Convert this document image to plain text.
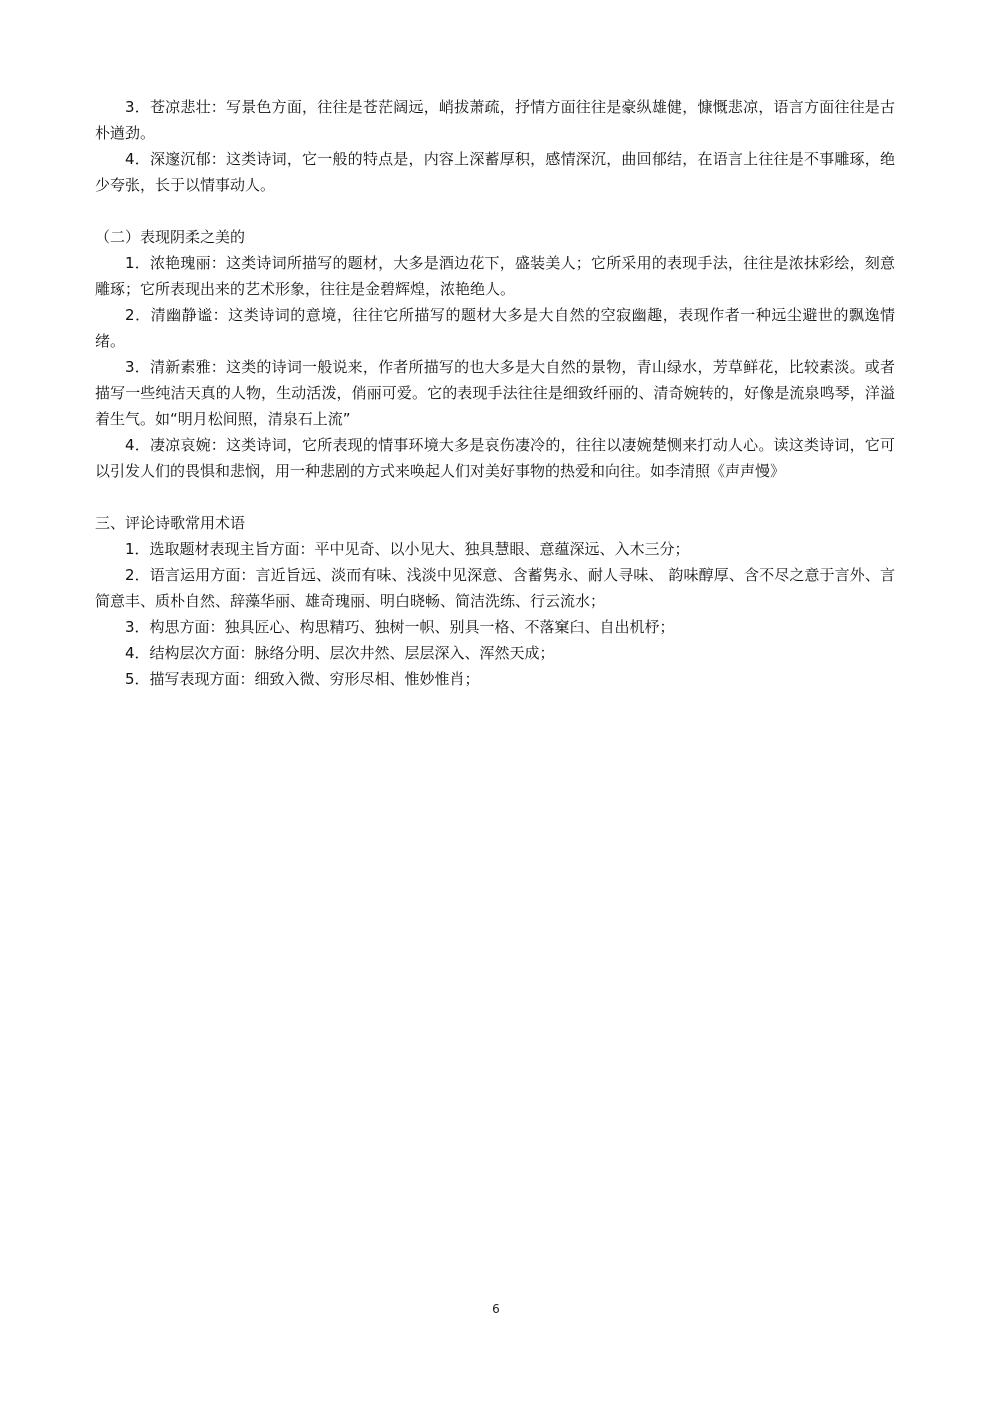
3．苍凉悲壮：写景色方面，往往是苍茫阔远，峭拔萧疏，抒情方面往往是豪纵雄健，慷慨悲凉，语言方面往往是古朴遒劲。

4．深邃沉郁：这类诗词，它一般的特点是，内容上深蓄厚积，感情深沉，曲回郁结，在语言上往往是不事雕琢，绝少夸张，长于以情事动人。

（二）表现阴柔之美的

1．浓艳瑰丽：这类诗词所描写的题材，大多是酒边花下，盛装美人；它所采用的表现手法，往往是浓抹彩绘，刻意雕琢；它所表现出来的艺术形象，往往是金碧辉煌，浓艳绝人。

2．清幽静谧：这类诗词的意境，往往它所描写的题材大多是大自然的空寂幽趣，表现作者一种远尘避世的飘逸情绪。

3．清新素雅：这类的诗词一般说来，作者所描写的也大多是大自然的景物，青山绿水，芳草鲜花，比较素淡。或者描写一些纯洁天真的人物，生动活泼，俏丽可爱。它的表现手法往往是细致纤丽的、清奇婉转的，好像是流泉鸣琴，洋溢着生气。如“明月松间照，清泉石上流”

4．凄凉哀婉：这类诗词，它所表现的情事环境大多是哀伤凄冷的，往往以凄婉楚恻来打动人心。读这类诗词，它可以引发人们的畏惧和悲悯，用一种悲剧的方式来唤起人们对美好事物的热爱和向往。如李清照《声声慢》

三、评论诗歌常用术语

1．选取题材表现主旨方面：平中见奇、以小见大、独具慧眼、意蕴深远、入木三分；

2．语言运用方面：言近旨远、淡而有味、浅淡中见深意、含蓄隽永、耐人寻味、 韵味醇厚、含不尽之意于言外、言简意丰、质朴自然、辞藻华丽、雄奇瑰丽、明白晓畅、简洁洗练、行云流水；

3．构思方面：独具匠心、构思精巧、独树一帜、别具一格、不落窠臼、自出机杼；

4．结构层次方面：脉络分明、层次井然、层层深入、浑然天成；

5．描写表现方面：细致入微、穷形尽相、惟妙惟肖；

6
